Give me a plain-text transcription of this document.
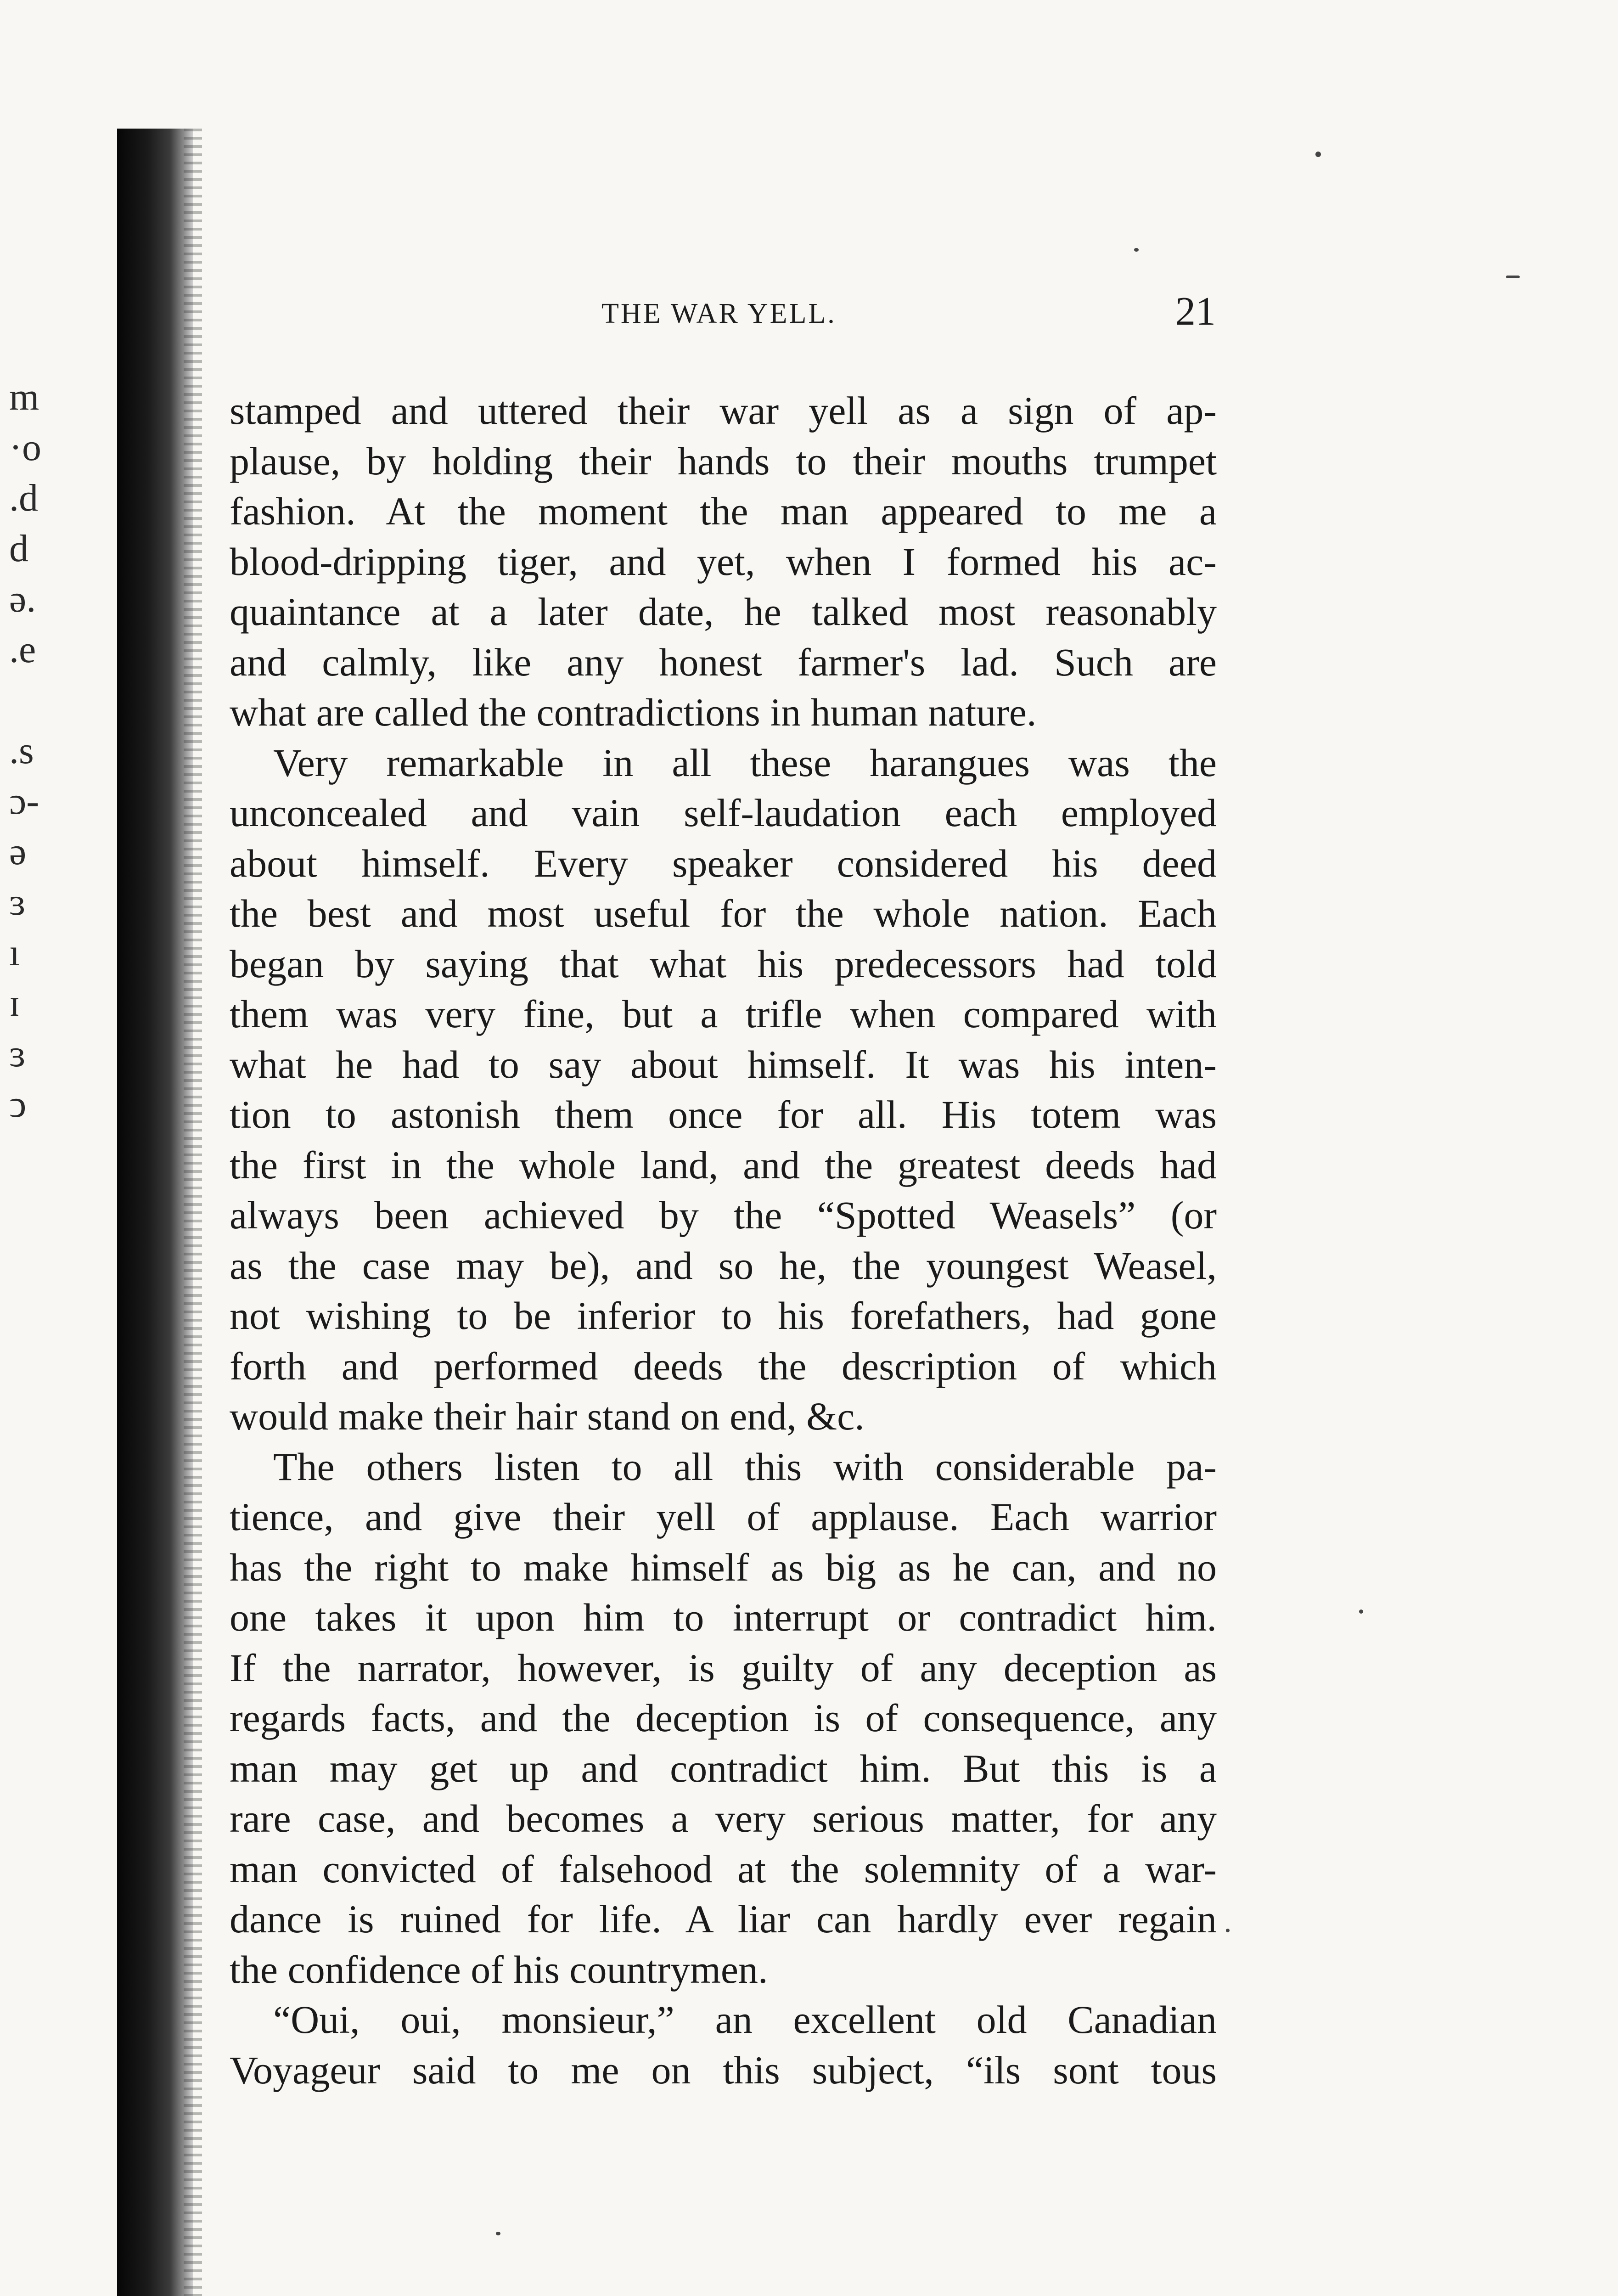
m
·o
.d
d
ə.
.e
.s
ɔ-
ə
ɜ
ı
ɪ
ɜ
ↄ
THE WAR YELL.	21
stamped and uttered their war yell as a sign of ap-
plause, by holding their hands to their mouths trumpet
fashion. At the moment the man appeared to me a
blood-dripping tiger, and yet, when I formed his ac-
quaintance at a later date, he talked most reasonably
and calmly, like any honest farmer's lad. Such are
what are called the contradictions in human nature.
Very remarkable in all these harangues was the
unconcealed and vain self-laudation each employed
about himself. Every speaker considered his deed
the best and most useful for the whole nation. Each
began by saying that what his predecessors had told
them was very fine, but a trifle when compared with
what he had to say about himself. It was his inten-
tion to astonish them once for all. His totem was
the first in the whole land, and the greatest deeds had
always been achieved by the “Spotted Weasels” (or
as the case may be), and so he, the youngest Weasel,
not wishing to be inferior to his forefathers, had gone
forth and performed deeds the description of which
would make their hair stand on end, &c.
The others listen to all this with considerable pa-
tience, and give their yell of applause. Each warrior
has the right to make himself as big as he can, and no
one takes it upon him to interrupt or contradict him.
If the narrator, however, is guilty of any deception as
regards facts, and the deception is of consequence, any
man may get up and contradict him. But this is a
rare case, and becomes a very serious matter, for any
man convicted of falsehood at the solemnity of a war-
dance is ruined for life. A liar can hardly ever regain
the confidence of his countrymen.
“Oui, oui, monsieur,” an excellent old Canadian
Voyageur said to me on this subject, “ils sont tous
